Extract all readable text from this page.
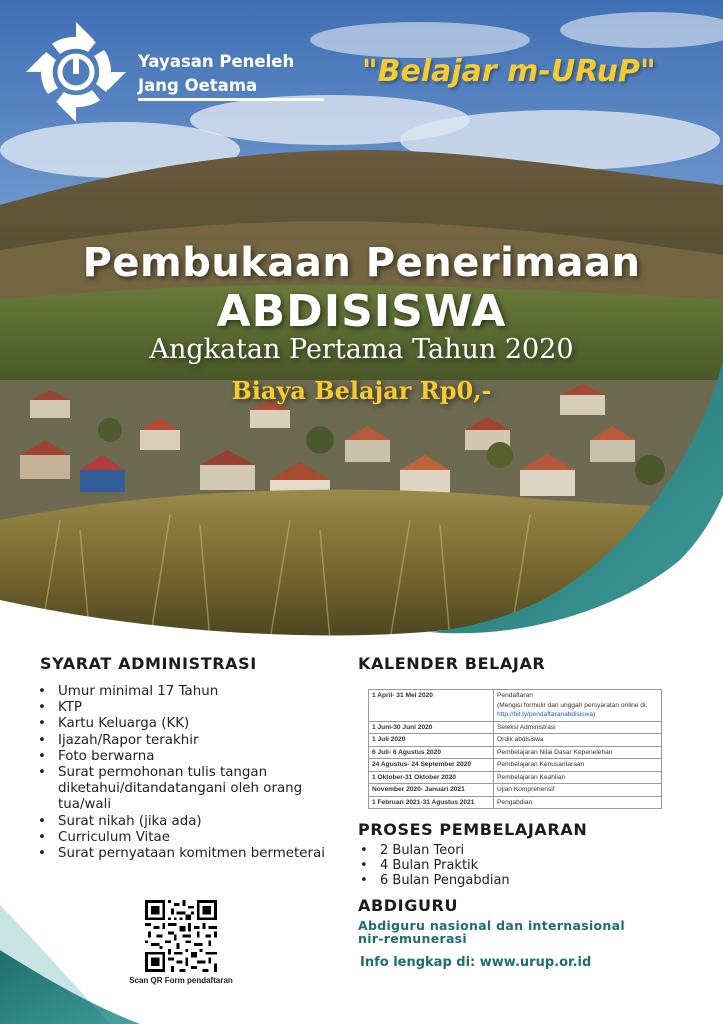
Yayasan Peneleh
Jang Oetama	"Belajar m-URuP"
Pembukaan Penerimaan
ABDISISWA
Angkatan Pertama Tahun 2020
Biaya Belajar Rp0,-
SYARAT ADMINISTRASI
• Umur minimal 17 Tahun
• KTP
• Kartu Keluarga (KK)
• Ijazah/Rapor terakhir
• Foto berwarna
• Surat permohonan tulis tangan diketahui/ditandatangani oleh orang tua/wali
• Surat nikah (jika ada)
• Curriculum Vitae
• Surat pernyataan komitmen bermeterai
KALENDER BELAJAR
1 April- 31 Mei 2020	Pendaftaran
(Mengisi formulir dan unggah persyaratan online di: http://bit.ly/pendaftaranabdisiswa)
1 Juni-30 Juni 2020	Seleksi Administrasi
1 Juli 2020	Ordik abdisiswa
6 Juli- 6 Agustus 2020	Pembelajaran Nilai Dasar Kepenelehan
24 Agustus- 24 September 2020	Pembelajaran Kenusantaraan
1 Oktober-31 Oktober 2020	Pembelajaran Keahlian
November 2020- Januari 2021	Ujian Komprehensif
1 Februari 2021-31 Agustus 2021	Pengabdian
PROSES PEMBELAJARAN
• 2 Bulan Teori
• 4 Bulan Praktik
• 6 Bulan Pengabdian
ABDIGURU
Abdiguru nasional dan internasional
nir-remunerasi
Info lengkap di: www.urup.or.id
Scan QR Form pendaftaran
